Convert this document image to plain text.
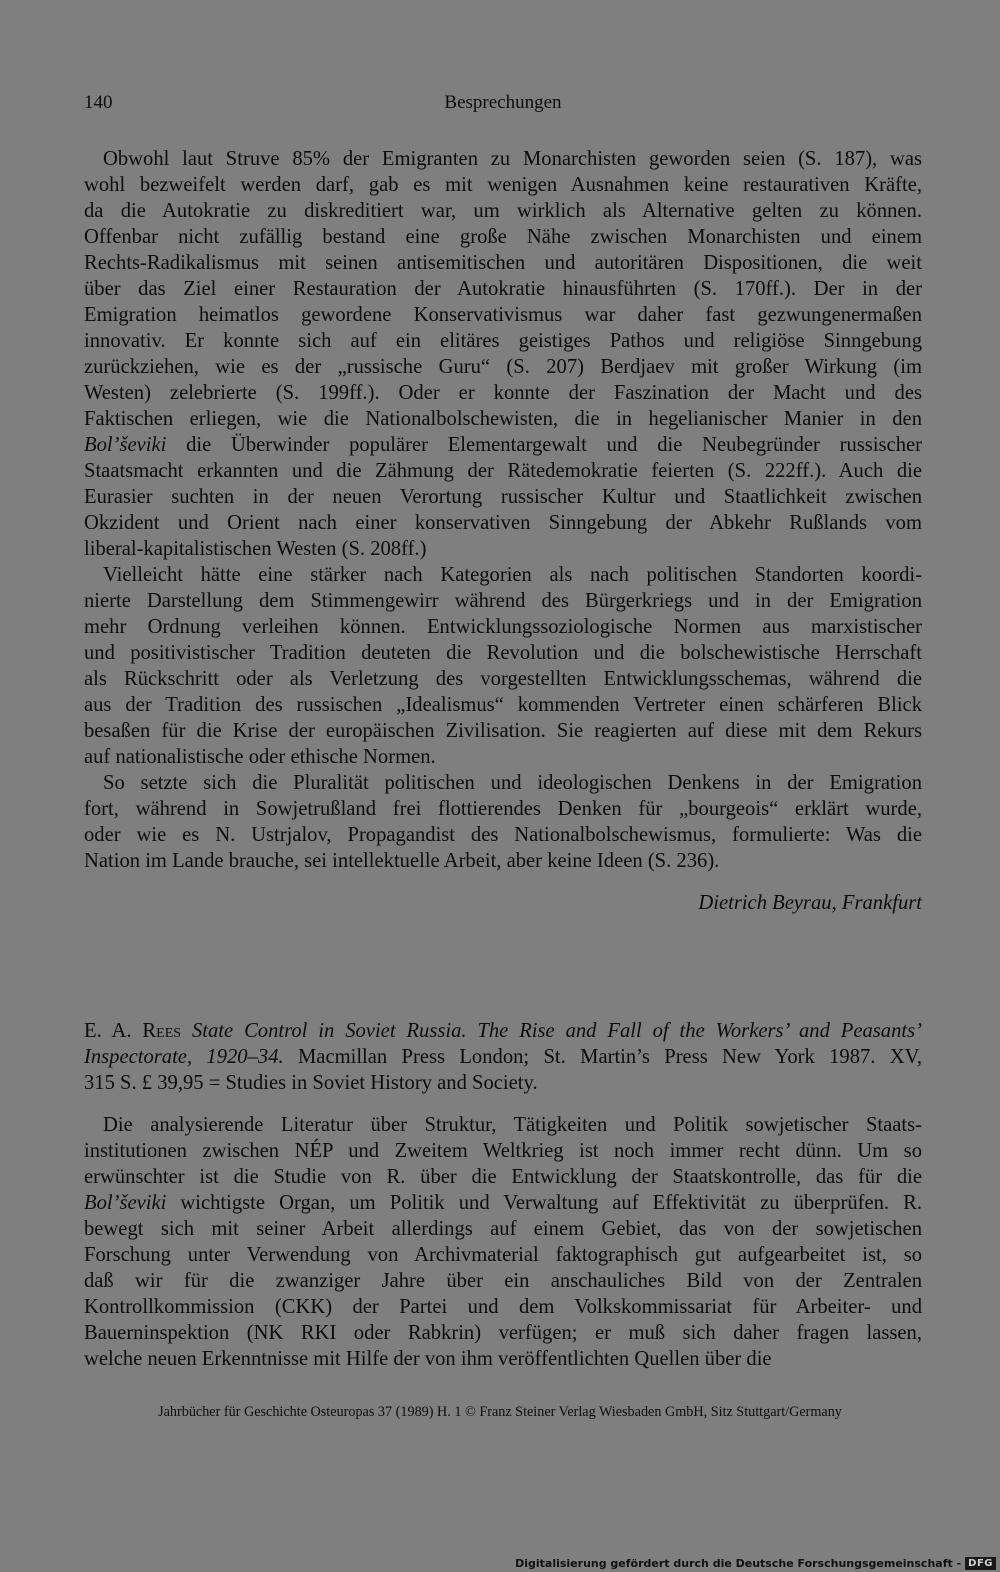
140	Besprechungen
Obwohl laut Struve 85% der Emigranten zu Monarchisten geworden seien (S. 187), was
wohl bezweifelt werden darf, gab es mit wenigen Ausnahmen keine restaurativen Kräfte,
da die Autokratie zu diskreditiert war, um wirklich als Alternative gelten zu können.
Offenbar nicht zufällig bestand eine große Nähe zwischen Monarchisten und einem
Rechts-Radikalismus mit seinen antisemitischen und autoritären Dispositionen, die weit
über das Ziel einer Restauration der Autokratie hinausführten (S. 170ff.). Der in der
Emigration heimatlos gewordene Konservativismus war daher fast gezwungenermaßen
innovativ. Er konnte sich auf ein elitäres geistiges Pathos und religiöse Sinngebung
zurückziehen, wie es der „russische Guru“ (S. 207) Berdjaev mit großer Wirkung (im
Westen) zelebrierte (S. 199ff.). Oder er konnte der Faszination der Macht und des
Faktischen erliegen, wie die Nationalbolschewisten, die in hegelianischer Manier in den
Bol’ševiki die Überwinder populärer Elementargewalt und die Neubegründer russischer
Staatsmacht erkannten und die Zähmung der Rätedemokratie feierten (S. 222ff.). Auch die
Eurasier suchten in der neuen Verortung russischer Kultur und Staatlichkeit zwischen
Okzident und Orient nach einer konservativen Sinngebung der Abkehr Rußlands vom
liberal-kapitalistischen Westen (S. 208ff.)
Vielleicht hätte eine stärker nach Kategorien als nach politischen Standorten koordi-
nierte Darstellung dem Stimmengewirr während des Bürgerkriegs und in der Emigration
mehr Ordnung verleihen können. Entwicklungssoziologische Normen aus marxistischer
und positivistischer Tradition deuteten die Revolution und die bolschewistische Herrschaft
als Rückschritt oder als Verletzung des vorgestellten Entwicklungsschemas, während die
aus der Tradition des russischen „Idealismus“ kommenden Vertreter einen schärferen Blick
besaßen für die Krise der europäischen Zivilisation. Sie reagierten auf diese mit dem Rekurs
auf nationalistische oder ethische Normen.
So setzte sich die Pluralität politischen und ideologischen Denkens in der Emigration
fort, während in Sowjetrußland frei flottierendes Denken für „bourgeois“ erklärt wurde,
oder wie es N. Ustrjalov, Propagandist des Nationalbolschewismus, formulierte: Was die
Nation im Lande brauche, sei intellektuelle Arbeit, aber keine Ideen (S. 236).
Dietrich Beyrau, Frankfurt
E. A. Rees State Control in Soviet Russia. The Rise and Fall of the Workers’ and Peasants’
Inspectorate, 1920–34. Macmillan Press London; St. Martin’s Press New York 1987. XV,
315 S. £ 39,95 = Studies in Soviet History and Society.
Die analysierende Literatur über Struktur, Tätigkeiten und Politik sowjetischer Staats-
institutionen zwischen NÉP und Zweitem Weltkrieg ist noch immer recht dünn. Um so
erwünschter ist die Studie von R. über die Entwicklung der Staatskontrolle, das für die
Bol’ševiki wichtigste Organ, um Politik und Verwaltung auf Effektivität zu überprüfen. R.
bewegt sich mit seiner Arbeit allerdings auf einem Gebiet, das von der sowjetischen
Forschung unter Verwendung von Archivmaterial faktographisch gut aufgearbeitet ist, so
daß wir für die zwanziger Jahre über ein anschauliches Bild von der Zentralen
Kontrollkommission (CKK) der Partei und dem Volkskommissariat für Arbeiter- und
Bauerninspektion (NK RKI oder Rabkrin) verfügen; er muß sich daher fragen lassen,
welche neuen Erkenntnisse mit Hilfe der von ihm veröffentlichten Quellen über die
Jahrbücher für Geschichte Osteuropas 37 (1989) H. 1 © Franz Steiner Verlag Wiesbaden GmbH, Sitz Stuttgart/Germany
Digitalisierung gefördert durch die Deutsche Forschungsgemeinschaft - DFG
